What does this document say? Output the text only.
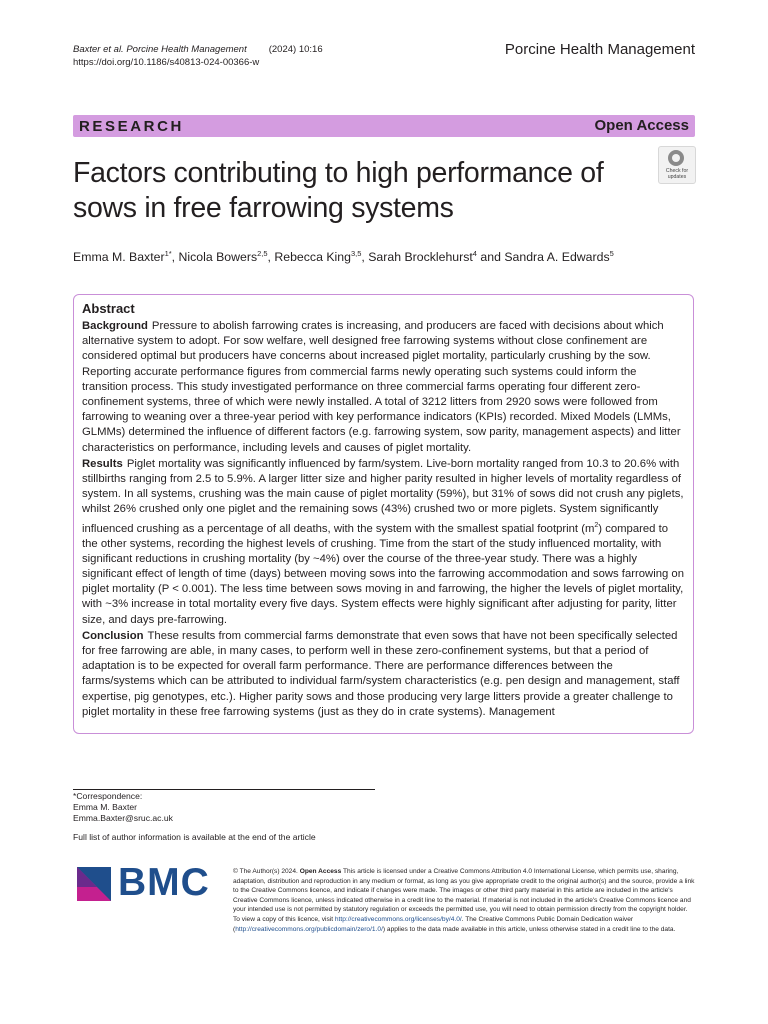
Baxter et al. Porcine Health Management (2024) 10:16
https://doi.org/10.1186/s40813-024-00366-w
Porcine Health Management
RESEARCH	Open Access
Factors contributing to high performance of sows in free farrowing systems
Check for
updates
Emma M. Baxter$^{1*}$, Nicola Bowers$^{2,5}$, Rebecca King$^{3,5}$, Sarah Brocklehurst$^4$ and Sandra A. Edwards$^5$
Abstract

Background Pressure to abolish farrowing crates is increasing, and producers are faced with decisions about which alternative system to adopt. For sow welfare, well designed free farrowing systems without close confinement are considered optimal but producers have concerns about increased piglet mortality, particularly crushing by the sow. Reporting accurate performance figures from commercial farms newly operating such systems could inform the transition process. This study investigated performance on three commercial farms operating four different zero-confinement systems, three of which were newly installed. A total of 3212 litters from 2920 sows were followed from farrowing to weaning over a three-year period with key performance indicators (KPIs) recorded. Mixed Models (LMMs, GLMMs) determined the influence of different factors (e.g. farrowing system, sow parity, management aspects) and litter characteristics on performance, including levels and causes of piglet mortality.

Results Piglet mortality was significantly influenced by farm/system. Live-born mortality ranged from 10.3 to 20.6% with stillbirths ranging from 2.5 to 5.9%. A larger litter size and higher parity resulted in higher levels of mortality regardless of system. In all systems, crushing was the main cause of piglet mortality (59%), but 31% of sows did not crush any piglets, whilst 26% crushed only one piglet and the remaining sows (43%) crushed two or more piglets. System significantly influenced crushing as a percentage of all deaths, with the system with the smallest spatial footprint $(m^2)$ compared to the other systems, recording the highest levels of crushing. Time from the start of the study influenced mortality, with significant reductions in crushing mortality (by ~4%) over the course of the three-year study. There was a highly significant effect of length of time (days) between moving sows into the farrowing accommodation and sows farrowing on piglet mortality (P < 0.001). The less time between sows moving in and farrowing, the higher the levels of piglet mortality, with ~3% increase in total mortality every five days. System effects were highly significant after adjusting for parity, litter size, and days pre-farrowing.

Conclusion These results from commercial farms demonstrate that even sows that have not been specifically selected for free farrowing are able, in many cases, to perform well in these zero-confinement systems, but that a period of adaptation is to be expected for overall farm performance. There are performance differences between the farms/systems which can be attributed to individual farm/system characteristics (e.g. pen design and management, staff expertise, pig genotypes, etc.). Higher parity sows and those producing very large litters provide a greater challenge to piglet mortality in these free farrowing systems (just as they do in crate systems). Management

*Correspondence:
Emma M. Baxter
Emma.Baxter@sruc.ac.uk
Full list of author information is available at the end of the article
BMC	© The Author(s) 2024. Open Access This article is licensed under a Creative Commons Attribution 4.0 International License, which permits use, sharing, adaptation, distribution and reproduction in any medium or format, as long as you give appropriate credit to the original author(s) and the source, provide a link to the Creative Commons licence, and indicate if changes were made. The images or other third party material in this article are included in the article's Creative Commons licence, unless indicated otherwise in a credit line to the material. If material is not included in the article's Creative Commons licence and your intended use is not permitted by statutory regulation or exceeds the permitted use, you will need to obtain permission directly from the copyright holder. To view a copy of this licence, visit http://creativecommons.org/licenses/by/4.0/. The Creative Commons Public Domain Dedication waiver (http://creativecommons.org/publicdomain/zero/1.0/) applies to the data made available in this article, unless otherwise stated in a credit line to the data.
